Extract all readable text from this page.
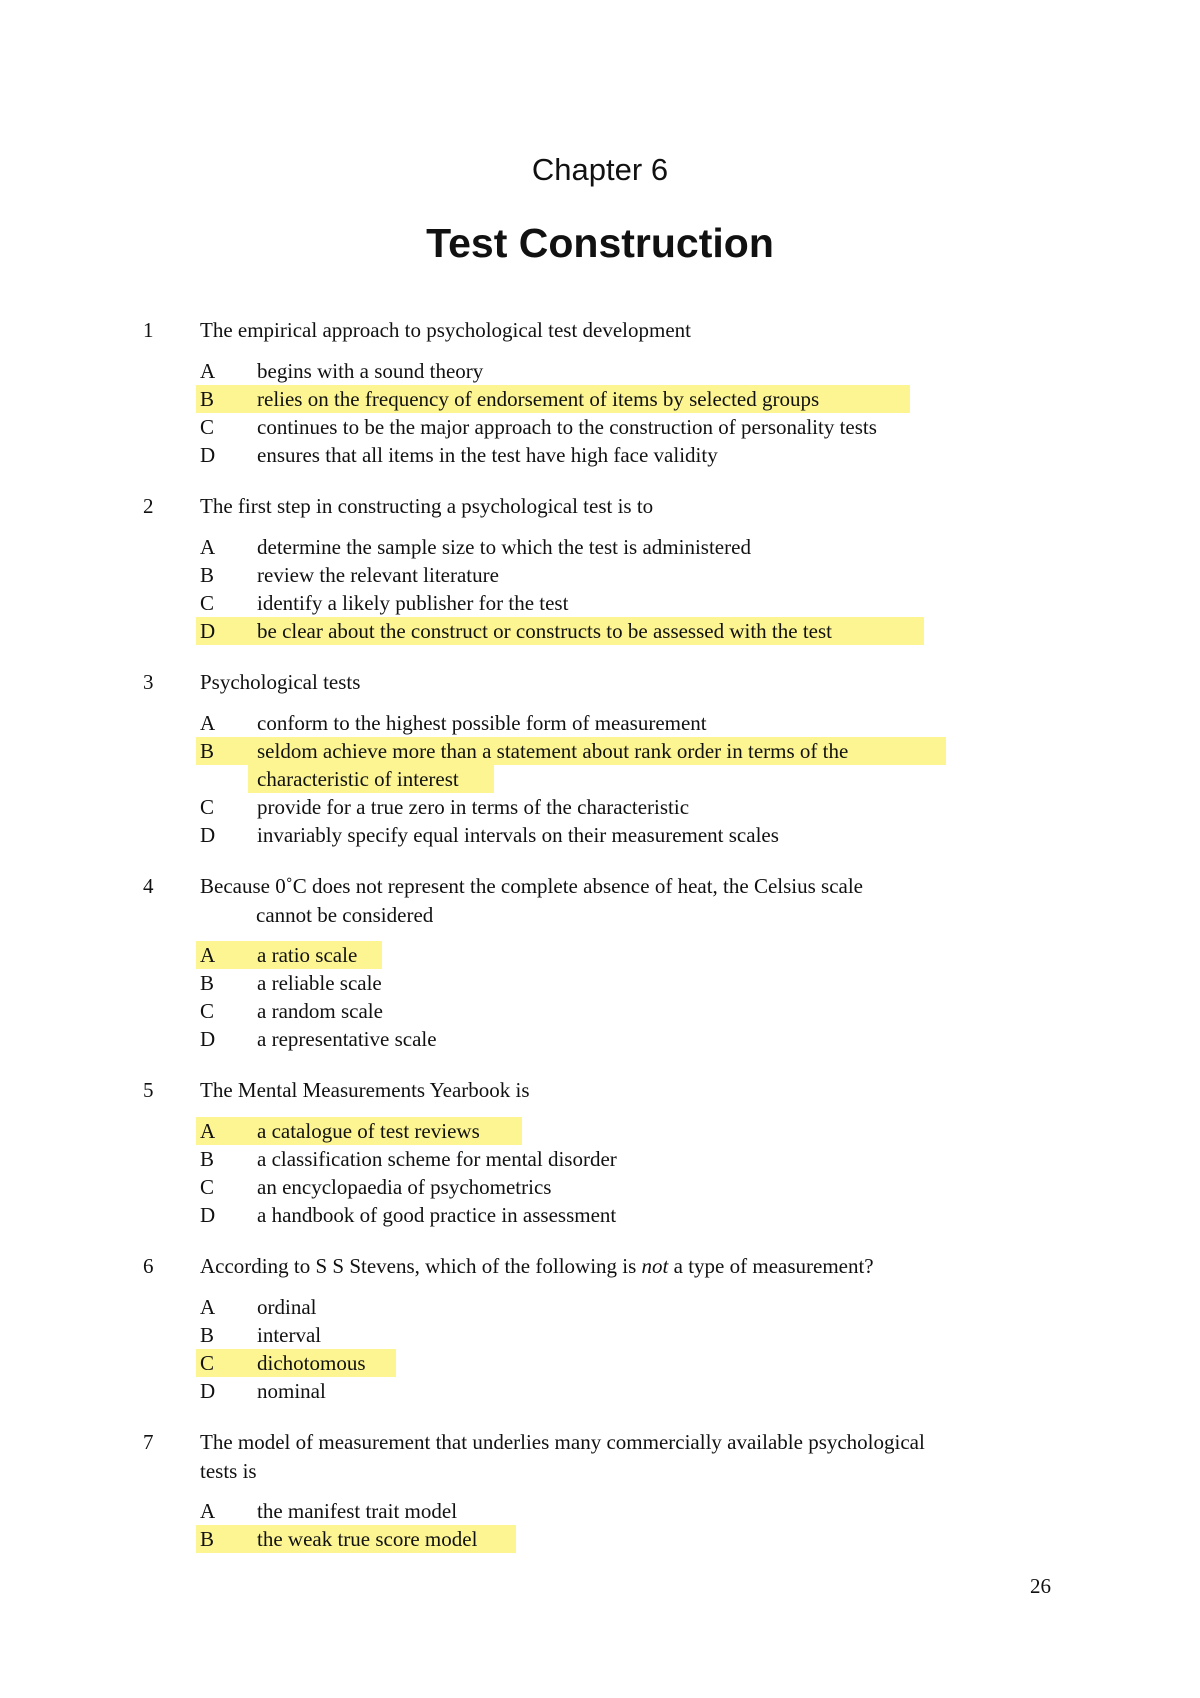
Chapter 6
Test Construction
1 The empirical approach to psychological test development
A begins with a sound theory
B relies on the frequency of endorsement of items by selected groups
C continues to be the major approach to the construction of personality tests
D ensures that all items in the test have high face validity
2 The first step in constructing a psychological test is to
A determine the sample size to which the test is administered
B review the relevant literature
C identify a likely publisher for the test
D be clear about the construct or constructs to be assessed with the test
3 Psychological tests
A conform to the highest possible form of measurement
B seldom achieve more than a statement about rank order in terms of the
characteristic of interest
C provide for a true zero in terms of the characteristic
D invariably specify equal intervals on their measurement scales
4 Because 0˚C does not represent the complete absence of heat, the Celsius scale
cannot be considered
A a ratio scale
B a reliable scale
C a random scale
D a representative scale
5 The Mental Measurements Yearbook is
A a catalogue of test reviews
B a classification scheme for mental disorder
C an encyclopaedia of psychometrics
D a handbook of good practice in assessment
6 According to S S Stevens, which of the following is not a type of measurement?
A ordinal
B interval
C dichotomous
D nominal
7 The model of measurement that underlies many commercially available psychological
tests is
A the manifest trait model
B the weak true score model
26
